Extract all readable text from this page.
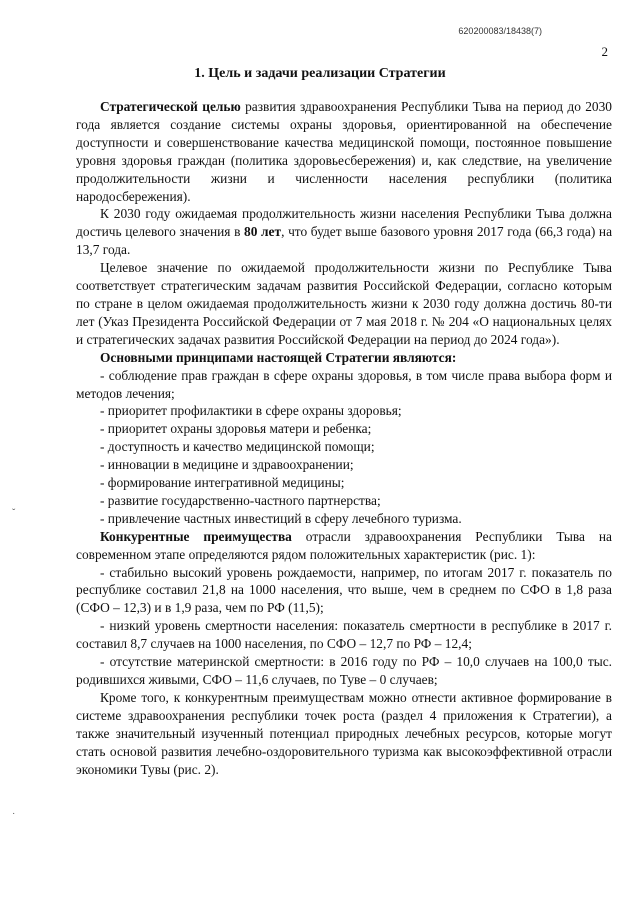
620200083/18438(7)
2
1. Цель и задачи реализации Стратегии

Стратегической целью развития здравоохранения Республики Тыва на период до 2030 года является создание системы охраны здоровья, ориентированной на обеспечение доступности и совершенствование качества медицинской помощи, постоянное повышение уровня здоровья граждан (политика здоровьесбережения) и, как следствие, на увеличение продолжительности жизни и численности населения республики (политика народосбережения).

К 2030 году ожидаемая продолжительность жизни населения Республики Тыва должна достичь целевого значения в 80 лет, что будет выше базового уровня 2017 года (66,3 года) на 13,7 года.

Целевое значение по ожидаемой продолжительности жизни по Республике Тыва соответствует стратегическим задачам развития Российской Федерации, согласно которым по стране в целом ожидаемая продолжительность жизни к 2030 году должна достичь 80-ти лет (Указ Президента Российской Федерации от 7 мая 2018 г. № 204 «О национальных целях и стратегических задачах развития Российской Федерации на период до 2024 года»).

Основными принципами настоящей Стратегии являются:

- соблюдение прав граждан в сфере охраны здоровья, в том числе права выбора форм и методов лечения;

- приоритет профилактики в сфере охраны здоровья;

- приоритет охраны здоровья матери и ребенка;

- доступность и качество медицинской помощи;

- инновации в медицине и здравоохранении;

- формирование интегративной медицины;

- развитие государственно-частного партнерства;

- привлечение частных инвестиций в сферу лечебного туризма.

Конкурентные преимущества отрасли здравоохранения Республики Тыва на современном этапе определяются рядом положительных характеристик (рис. 1):

- стабильно высокий уровень рождаемости, например, по итогам 2017 г. показатель по республике составил 21,8 на 1000 населения, что выше, чем в среднем по СФО в 1,8 раза (СФО – 12,3) и в 1,9 раза, чем по РФ (11,5);

- низкий уровень смертности населения: показатель смертности в республике в 2017 г. составил 8,7 случаев на 1000 населения, по СФО – 12,7 по РФ – 12,4;

- отсутствие материнской смертности: в 2016 году по РФ – 10,0 случаев на 100,0 тыс. родившихся живыми, СФО – 11,6 случаев, по Туве – 0 случаев;

Кроме того, к конкурентным преимуществам можно отнести активное формирование в системе здравоохранения республики точек роста (раздел 4 приложения к Стратегии), а также значительный изученный потенциал природных лечебных ресурсов, которые могут стать основой развития лечебно-оздоровительного туризма как высокоэффективной отрасли экономики Тувы (рис. 2).

ˇ
˙
